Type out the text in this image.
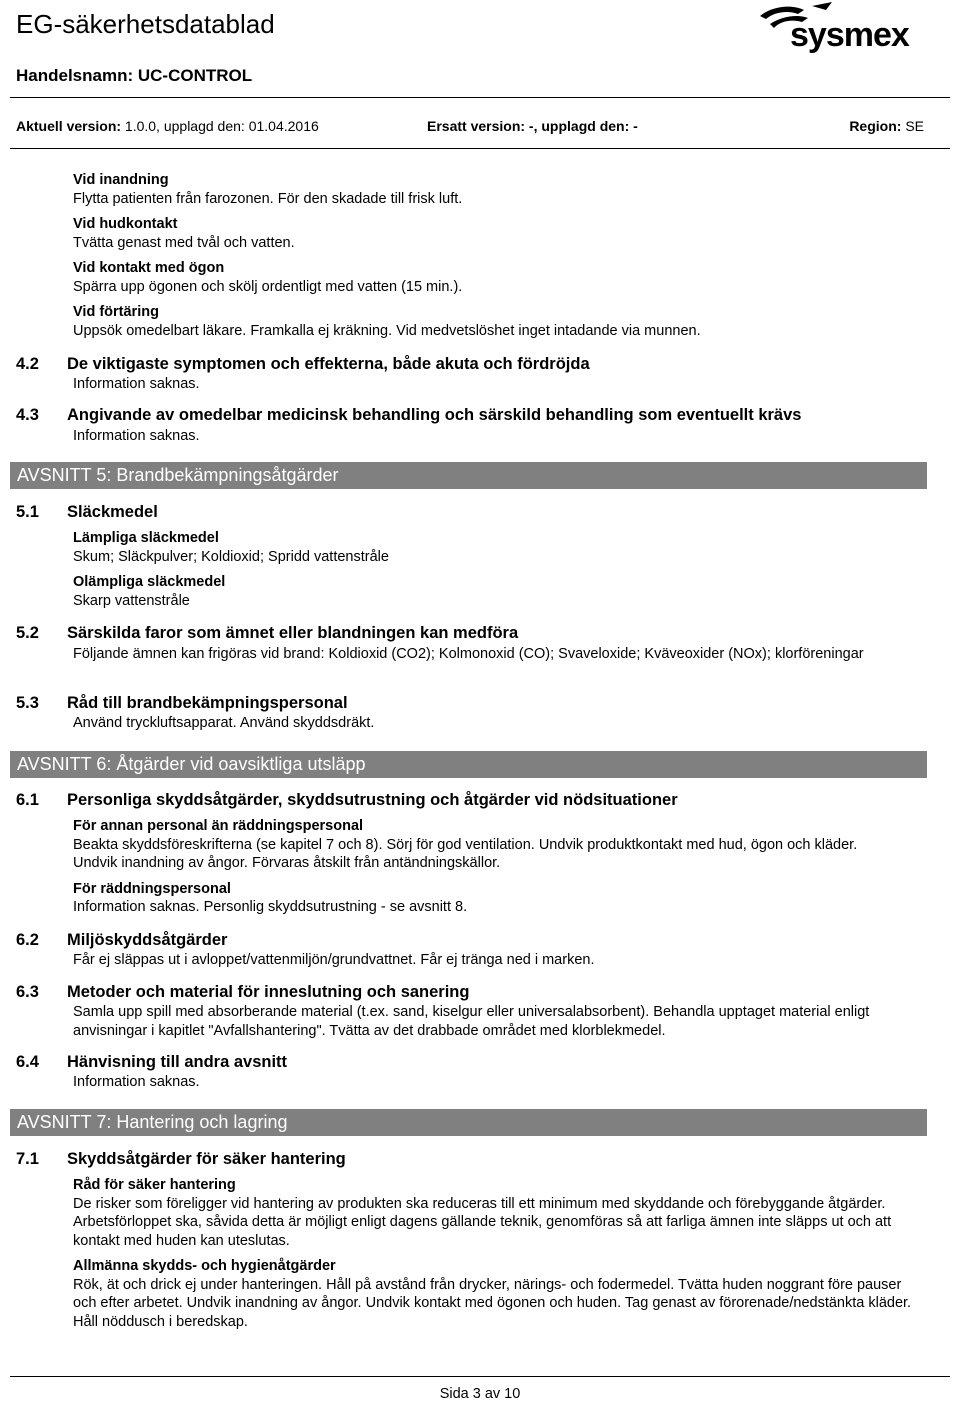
EG-säkerhetsdatablad	sysmex
Handelsnamn: UC-CONTROL
Aktuell version: 1.0.0, upplagd den: 01.04.2016	Ersatt version: -, upplagd den: -	Region: SE
Vid inandning
Flytta patienten från farozonen. För den skadade till frisk luft.
Vid hudkontakt
Tvätta genast med tvål och vatten.
Vid kontakt med ögon
Spärra upp ögonen och skölj ordentligt med vatten (15 min.).
Vid förtäring
Uppsök omedelbart läkare. Framkalla ej kräkning. Vid medvetslöshet inget intadande via munnen.
4.2 De viktigaste symptomen och effekterna, både akuta och fördröjda
Information saknas.
4.3 Angivande av omedelbar medicinsk behandling och särskild behandling som eventuellt krävs
Information saknas.
AVSNITT 5: Brandbekämpningsåtgärder
5.1 Släckmedel
Lämpliga släckmedel
Skum; Släckpulver; Koldioxid; Spridd vattenstråle
Olämpliga släckmedel
Skarp vattenstråle
5.2 Särskilda faror som ämnet eller blandningen kan medföra
Följande ämnen kan frigöras vid brand: Koldioxid (CO2); Kolmonoxid (CO); Svaveloxide; Kväveoxider (NOx); klorföreningar
5.3 Råd till brandbekämpningspersonal
Använd tryckluftsapparat. Använd skyddsdräkt.
AVSNITT 6: Åtgärder vid oavsiktliga utsläpp
6.1 Personliga skyddsåtgärder, skyddsutrustning och åtgärder vid nödsituationer
För annan personal än räddningspersonal
Beakta skyddsföreskrifterna (se kapitel 7 och 8). Sörj för god ventilation. Undvik produktkontakt med hud, ögon och kläder. Undvik inandning av ångor. Förvaras åtskilt från antändningskällor.
För räddningspersonal
Information saknas. Personlig skyddsutrustning - se avsnitt 8.
6.2 Miljöskyddsåtgärder
Får ej släppas ut i avloppet/vattenmiljön/grundvattnet. Får ej tränga ned i marken.
6.3 Metoder och material för inneslutning och sanering
Samla upp spill med absorberande material (t.ex. sand, kiselgur eller universalabsorbent). Behandla upptaget material enligt anvisningar i kapitlet "Avfallshantering". Tvätta av det drabbade området med klorblekmedel.
6.4 Hänvisning till andra avsnitt
Information saknas.
AVSNITT 7: Hantering och lagring
7.1 Skyddsåtgärder för säker hantering
Råd för säker hantering
De risker som föreligger vid hantering av produkten ska reduceras till ett minimum med skyddande och förebyggande åtgärder. Arbetsförloppet ska, såvida detta är möjligt enligt dagens gällande teknik, genomföras så att farliga ämnen inte släpps ut och att kontakt med huden kan uteslutas.
Allmänna skydds- och hygienåtgärder
Rök, ät och drick ej under hanteringen. Håll på avstånd från drycker, närings- och fodermedel. Tvätta huden noggrant före pauser och efter arbetet. Undvik inandning av ångor. Undvik kontakt med ögonen och huden. Tag genast av förorenade/nedstänkta kläder. Håll nöddusch i beredskap.
Sida 3 av 10
